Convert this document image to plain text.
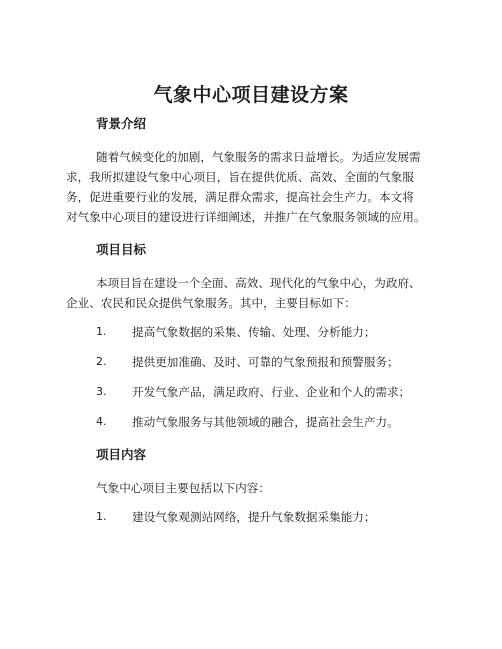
气象中心项目建设方案
背景介绍
随着气候变化的加剧，气象服务的需求日益增长。为适应发展需
求，我所拟建设气象中心项目，旨在提供优质、高效、全面的气象服
务，促进重要行业的发展，满足群众需求，提高社会生产力。本文将
对气象中心项目的建设进行详细阐述，并推广在气象服务领域的应用。
项目目标
本项目旨在建设一个全面、高效、现代化的气象中心，为政府、
企业、农民和民众提供气象服务。其中，主要目标如下：
1. 提高气象数据的采集、传输、处理、分析能力；
2. 提供更加准确、及时、可靠的气象预报和预警服务；
3. 开发气象产品，满足政府、行业、企业和个人的需求；
4. 推动气象服务与其他领域的融合，提高社会生产力。
项目内容
气象中心项目主要包括以下内容：
1. 建设气象观测站网络，提升气象数据采集能力；
